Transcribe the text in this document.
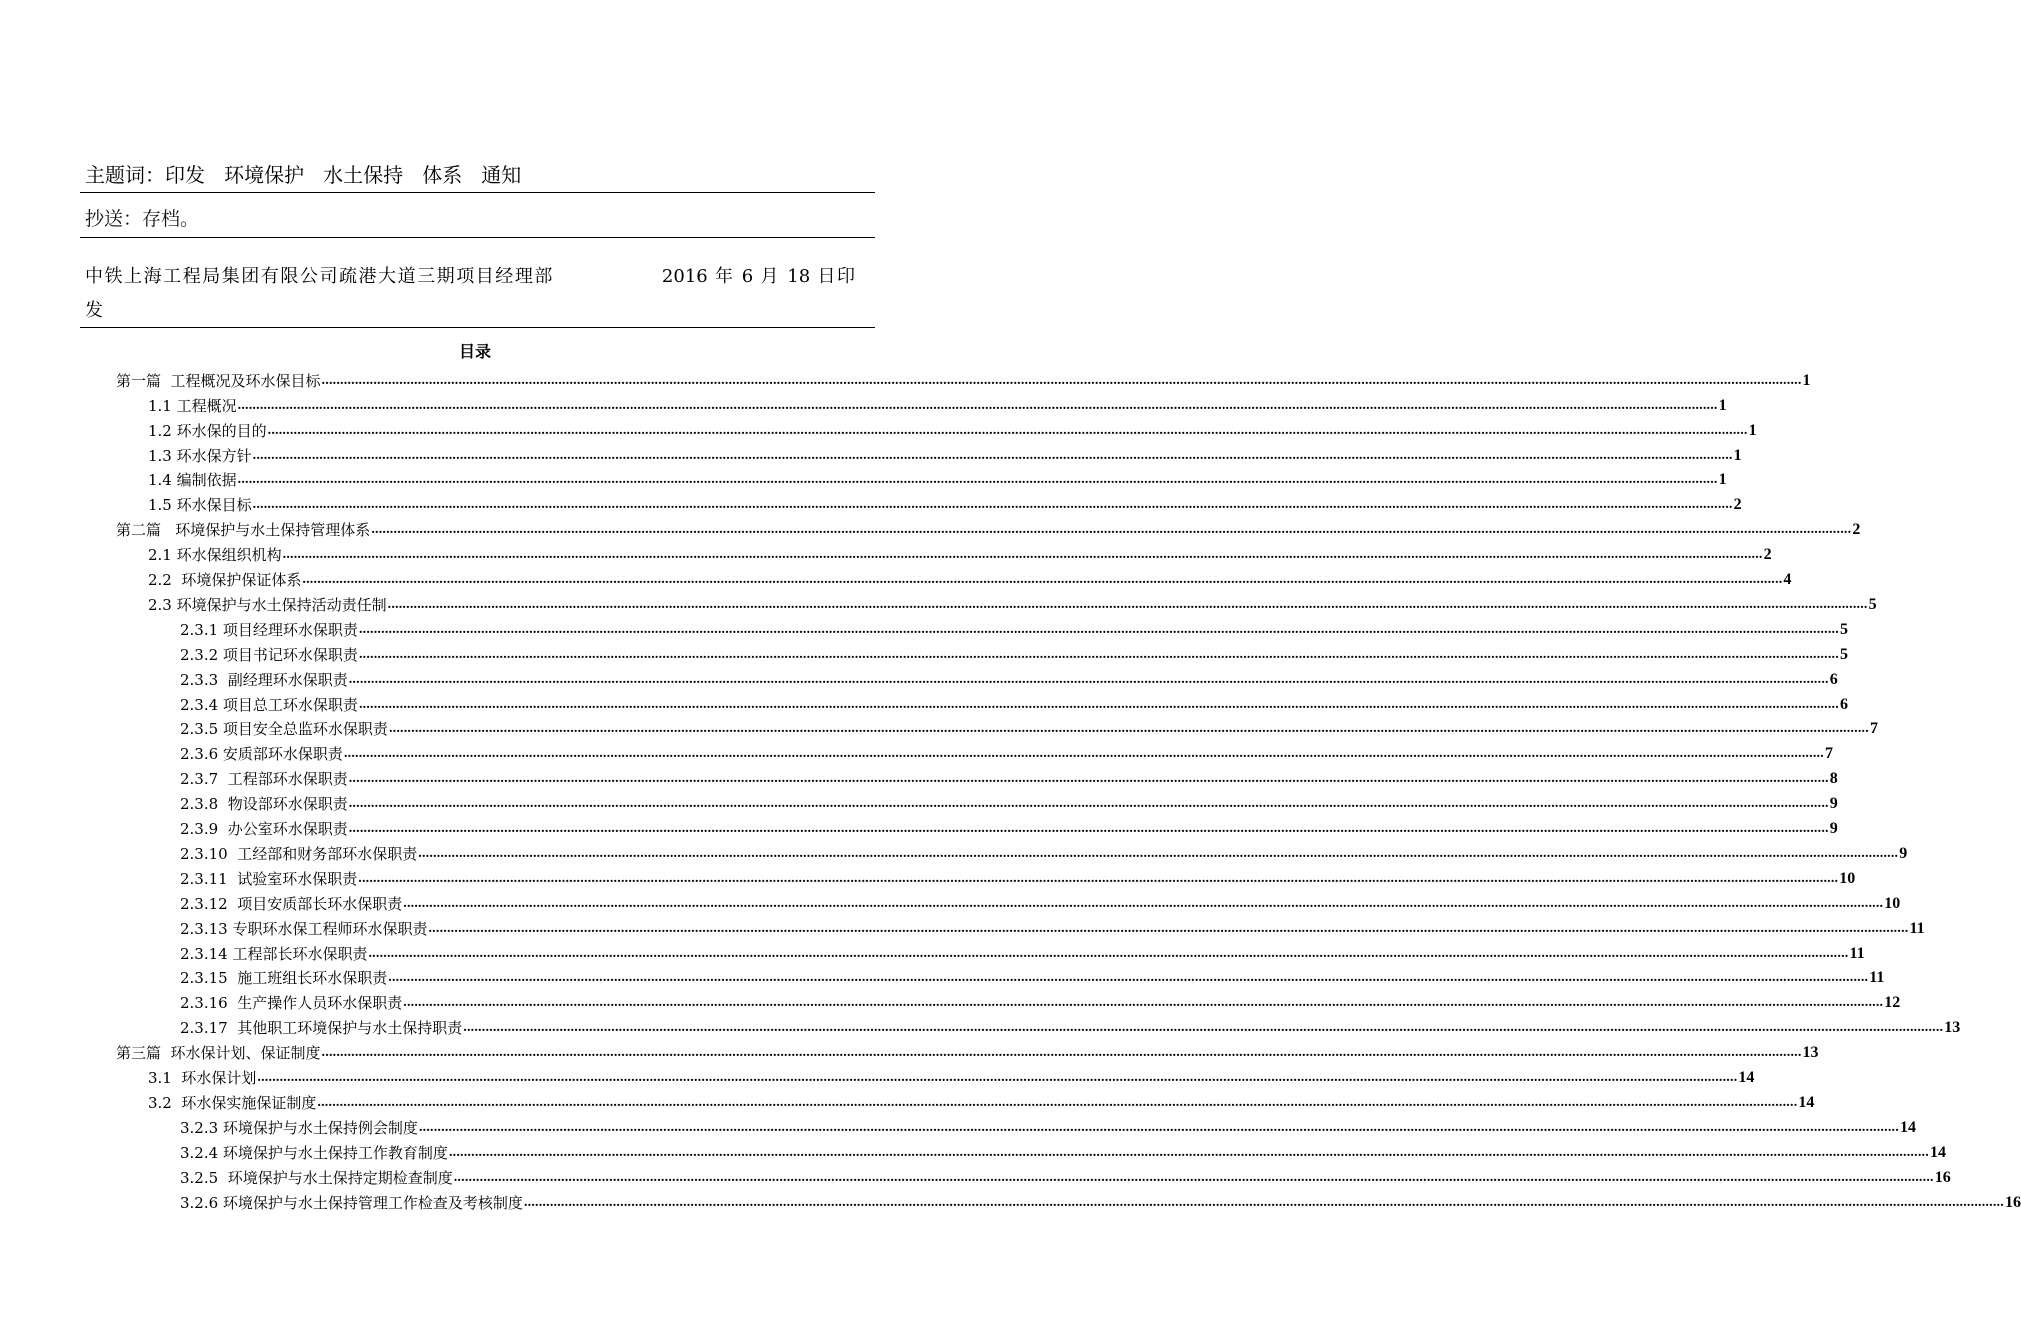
主题词：印发   环境保护   水土保持   体系   通知
抄送：存档。
中铁上海工程局集团有限公司疏港大道三期项目经理部	2016 年 6 月 18 日印
发
目录
第一篇  工程概况及环水保目标 ................................................................................................................................................................................................................................................................................................................................................................................................................ 1
1.1 工程概况 ................................................................................................................................................................................................................................................................................................................................................................................................................ 1
1.2 环水保的目的 ................................................................................................................................................................................................................................................................................................................................................................................................................ 1
1.3 环水保方针 ................................................................................................................................................................................................................................................................................................................................................................................................................ 1
1.4 编制依据 ................................................................................................................................................................................................................................................................................................................................................................................................................ 1
1.5 环水保目标 ................................................................................................................................................................................................................................................................................................................................................................................................................ 2
第二篇   环境保护与水土保持管理体系 ................................................................................................................................................................................................................................................................................................................................................................................................................ 2
2.1 环水保组织机构 ................................................................................................................................................................................................................................................................................................................................................................................................................ 2
2.2  环境保护保证体系 ................................................................................................................................................................................................................................................................................................................................................................................................................ 4
2.3 环境保护与水土保持活动责任制 ................................................................................................................................................................................................................................................................................................................................................................................................................ 5
2.3.1 项目经理环水保职责 ................................................................................................................................................................................................................................................................................................................................................................................................................ 5
2.3.2 项目书记环水保职责 ................................................................................................................................................................................................................................................................................................................................................................................................................ 5
2.3.3  副经理环水保职责 ................................................................................................................................................................................................................................................................................................................................................................................................................ 6
2.3.4 项目总工环水保职责 ................................................................................................................................................................................................................................................................................................................................................................................................................ 6
2.3.5 项目安全总监环水保职责 ................................................................................................................................................................................................................................................................................................................................................................................................................ 7
2.3.6 安质部环水保职责 ................................................................................................................................................................................................................................................................................................................................................................................................................ 7
2.3.7  工程部环水保职责 ................................................................................................................................................................................................................................................................................................................................................................................................................ 8
2.3.8  物设部环水保职责 ................................................................................................................................................................................................................................................................................................................................................................................................................ 9
2.3.9  办公室环水保职责 ................................................................................................................................................................................................................................................................................................................................................................................................................ 9
2.3.10  工经部和财务部环水保职责 ................................................................................................................................................................................................................................................................................................................................................................................................................ 9
2.3.11  试验室环水保职责 ................................................................................................................................................................................................................................................................................................................................................................................................................ 10
2.3.12  项目安质部长环水保职责 ................................................................................................................................................................................................................................................................................................................................................................................................................ 10
2.3.13 专职环水保工程师环水保职责 ................................................................................................................................................................................................................................................................................................................................................................................................................ 11
2.3.14 工程部长环水保职责 ................................................................................................................................................................................................................................................................................................................................................................................................................ 11
2.3.15  施工班组长环水保职责 ................................................................................................................................................................................................................................................................................................................................................................................................................ 11
2.3.16  生产操作人员环水保职责 ................................................................................................................................................................................................................................................................................................................................................................................................................ 12
2.3.17  其他职工环境保护与水土保持职责 ................................................................................................................................................................................................................................................................................................................................................................................................................ 13
第三篇  环水保计划、保证制度 ................................................................................................................................................................................................................................................................................................................................................................................................................ 13
3.1  环水保计划 ................................................................................................................................................................................................................................................................................................................................................................................................................ 14
3.2  环水保实施保证制度 ................................................................................................................................................................................................................................................................................................................................................................................................................ 14
3.2.3 环境保护与水土保持例会制度 ................................................................................................................................................................................................................................................................................................................................................................................................................ 14
3.2.4 环境保护与水土保持工作教育制度 ................................................................................................................................................................................................................................................................................................................................................................................................................ 14
3.2.5  环境保护与水土保持定期检查制度 ................................................................................................................................................................................................................................................................................................................................................................................................................ 16
3.2.6 环境保护与水土保持管理工作检查及考核制度 ................................................................................................................................................................................................................................................................................................................................................................................................................ 16
